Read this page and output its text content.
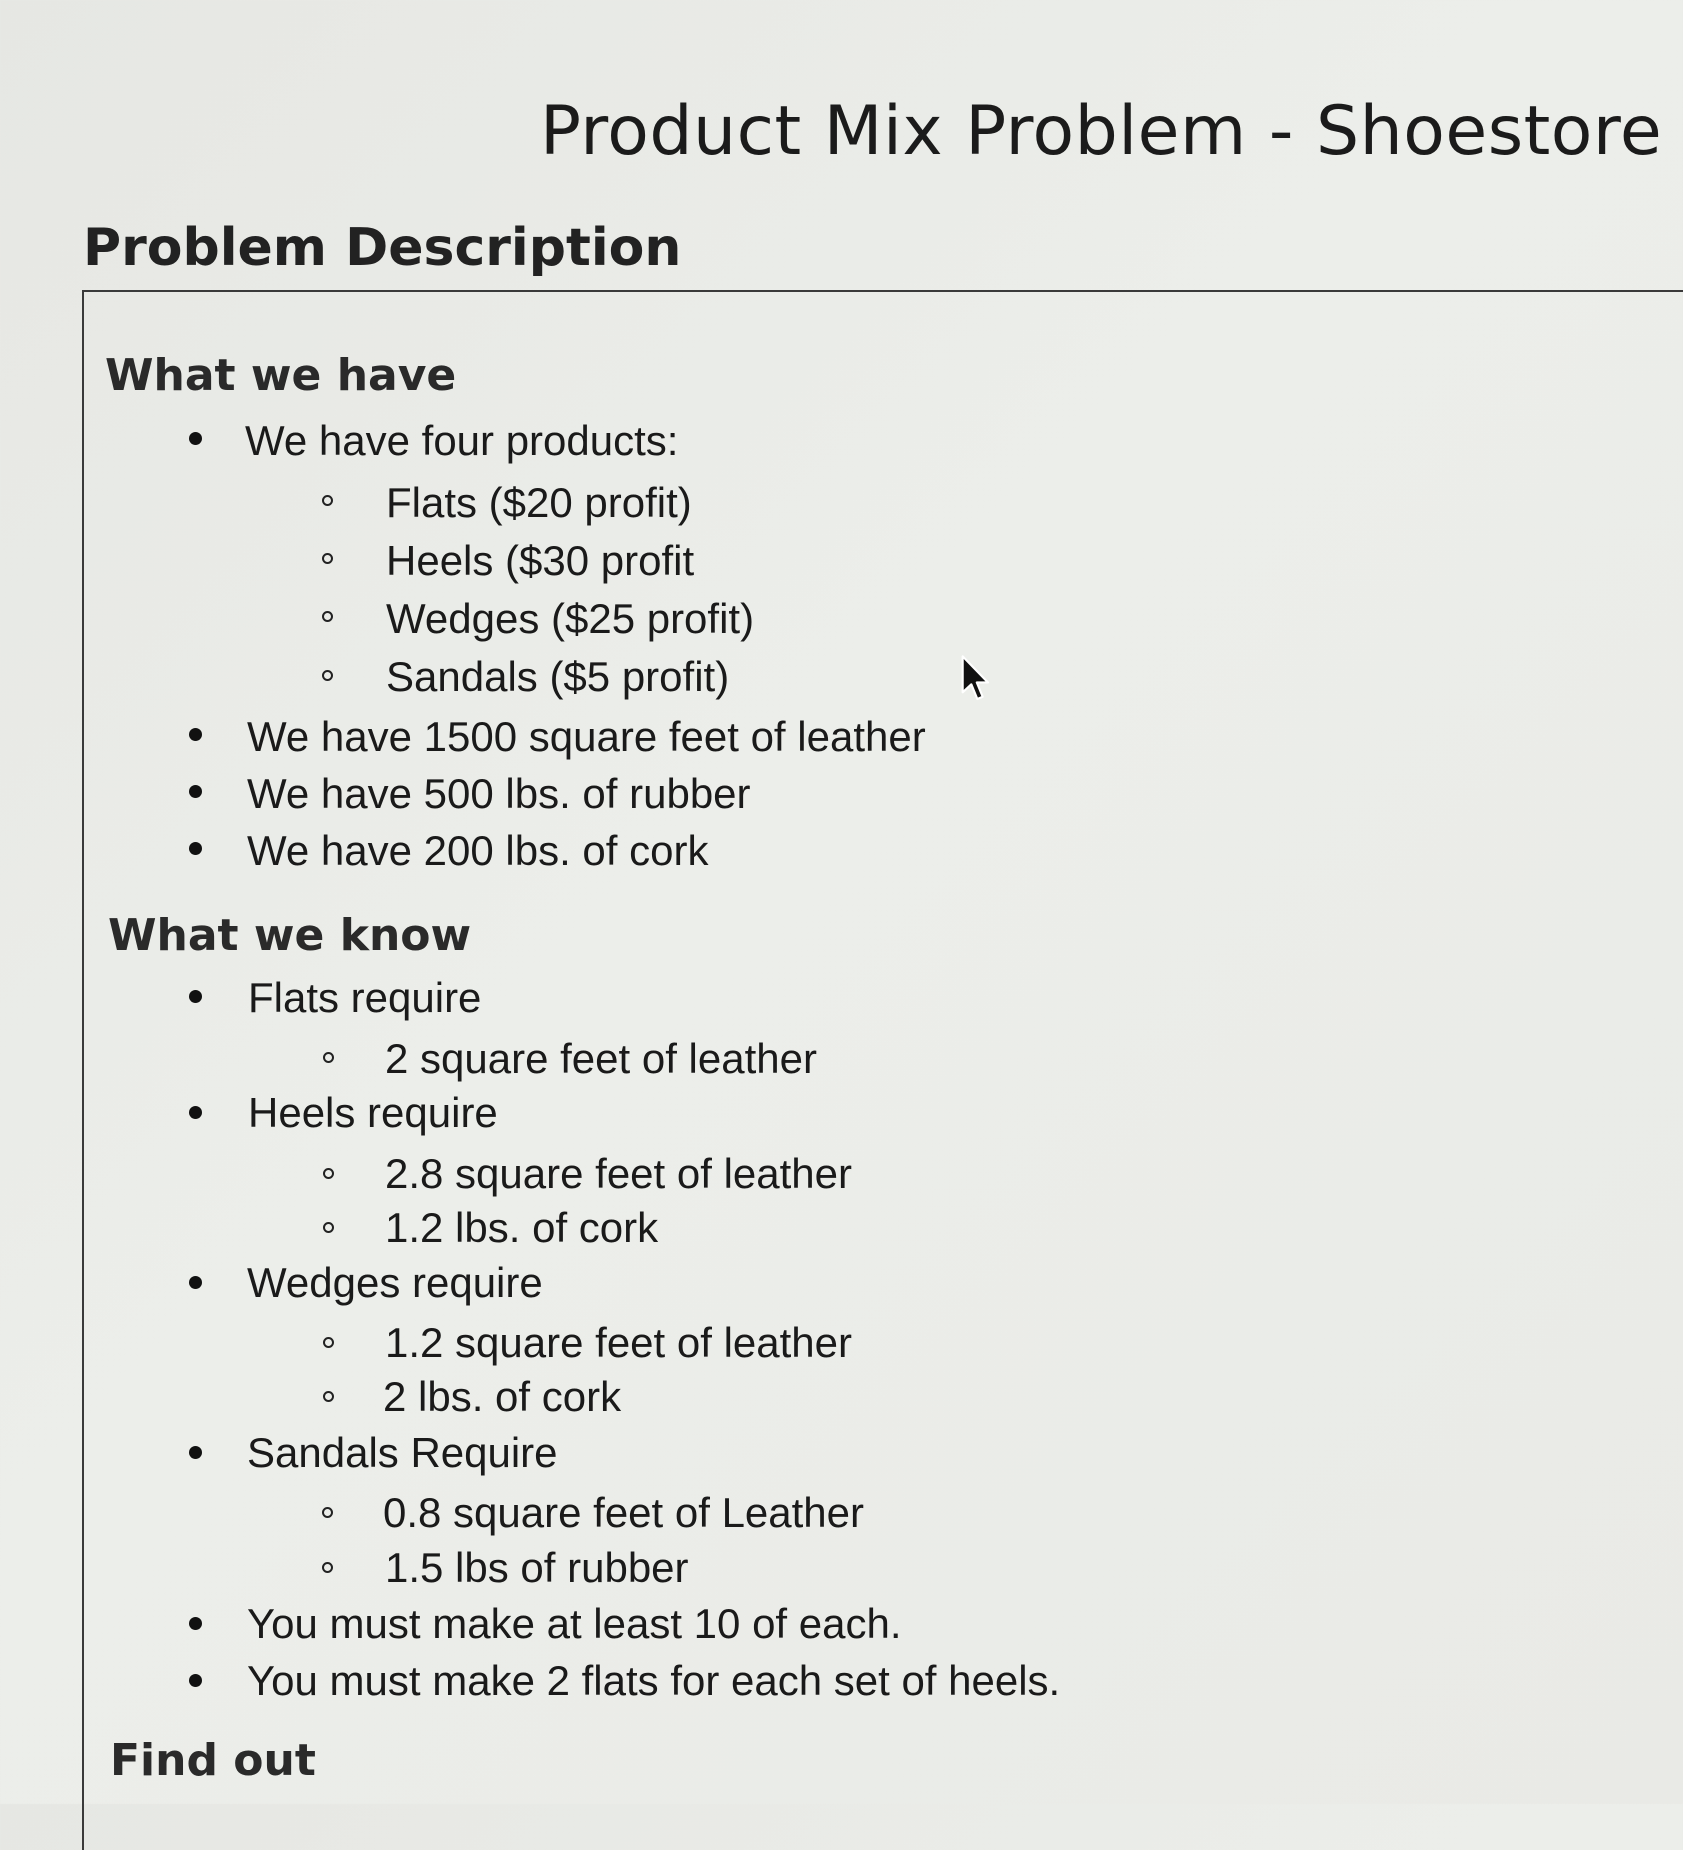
Product Mix Problem - Shoestore
Problem Description
What we have
We have four products:
Flats ($20 profit)
Heels ($30 profit
Wedges ($25 profit)
Sandals ($5 profit)
We have 1500 square feet of leather
We have 500 lbs. of rubber
We have 200 lbs. of cork
What we know
Flats require
2 square feet of leather
Heels require
2.8 square feet of leather
1.2 lbs. of cork
Wedges require
1.2 square feet of leather
2 lbs. of cork
Sandals Require
0.8 square feet of Leather
1.5 lbs of rubber
You must make at least 10 of each.
You must make 2 flats for each set of heels.
Find out
